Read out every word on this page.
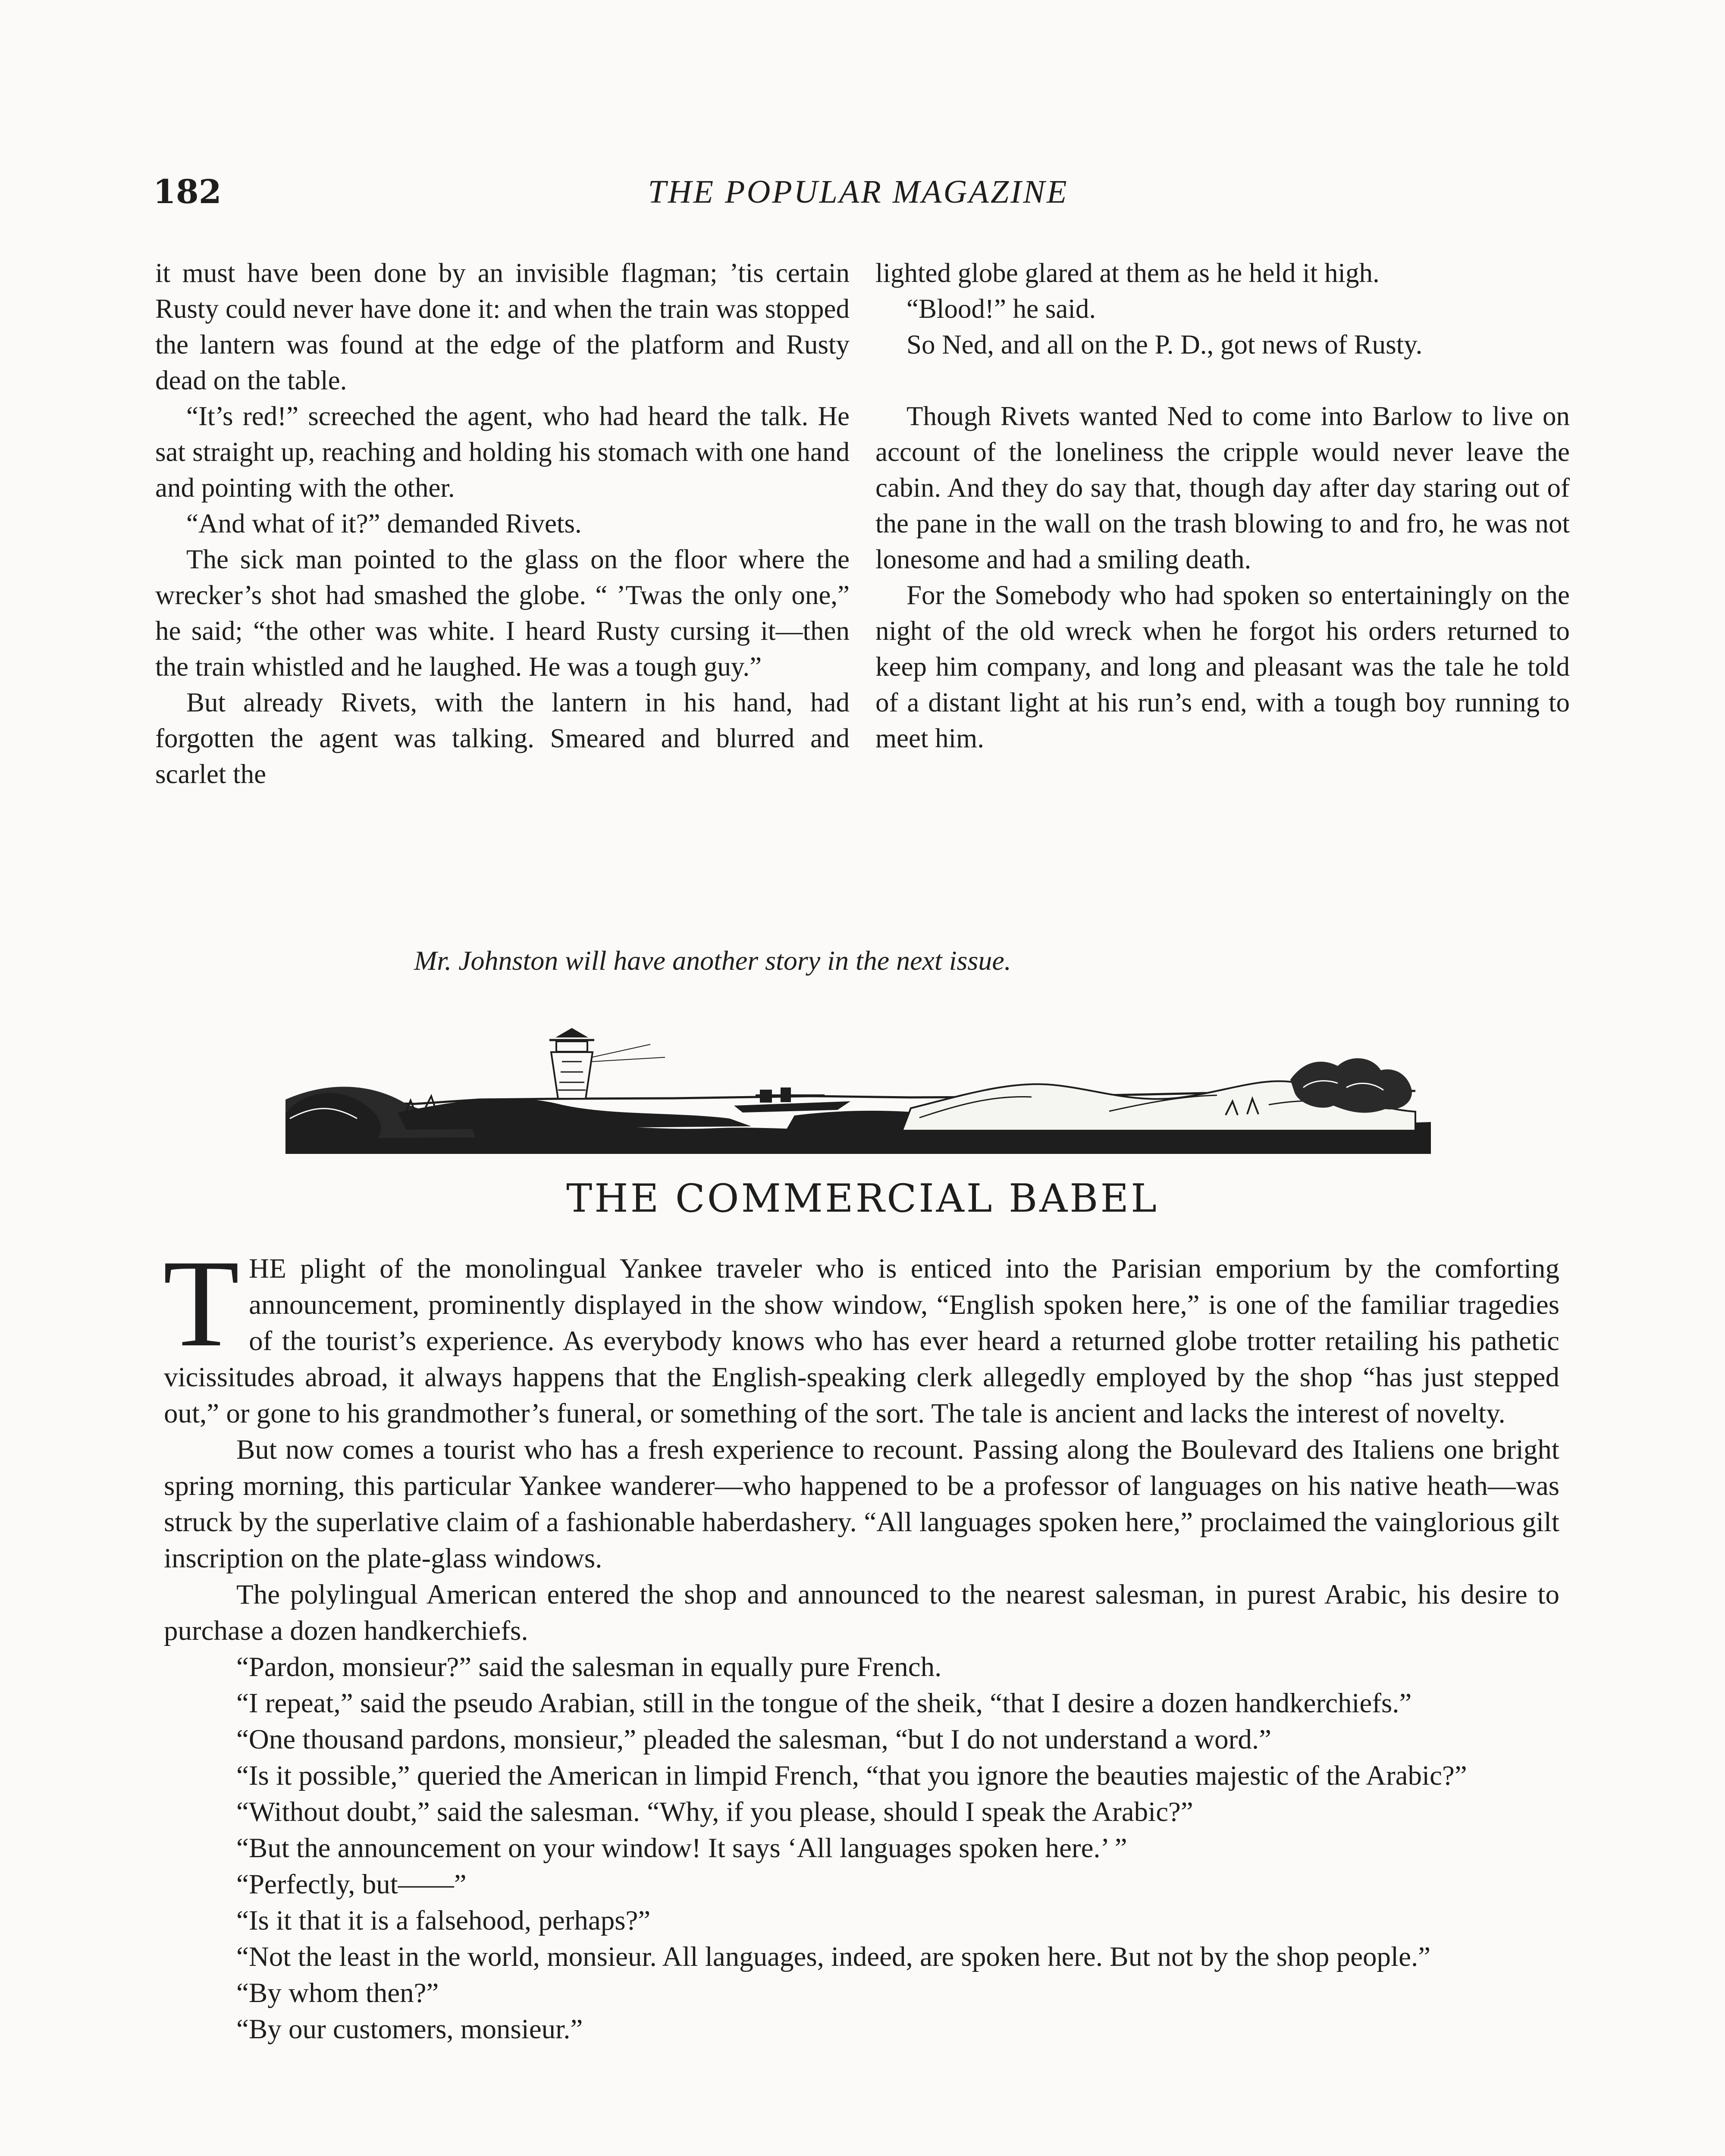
182	THE POPULAR MAGAZINE

it must have been done by an invisible flagman; ’tis certain Rusty could never have done it: and when the train was stopped the lantern was found at the edge of the platform and Rusty dead on the table.

“It’s red!” screeched the agent, who had heard the talk. He sat straight up, reaching and holding his stomach with one hand and pointing with the other.

“And what of it?” demanded Rivets.

The sick man pointed to the glass on the floor where the wrecker’s shot had smashed the globe. “ ’Twas the only one,” he said; “the other was white. I heard Rusty cursing it—then the train whistled and he laughed. He was a tough guy.”

But already Rivets, with the lantern in his hand, had forgotten the agent was talking. Smeared and blurred and scarlet the

lighted globe glared at them as he held it high.

“Blood!” he said.

So Ned, and all on the P. D., got news of Rusty.

Though Rivets wanted Ned to come into Barlow to live on account of the loneliness the cripple would never leave the cabin. And they do say that, though day after day staring out of the pane in the wall on the trash blowing to and fro, he was not lonesome and had a smiling death.

For the Somebody who had spoken so entertainingly on the night of the old wreck when he forgot his orders returned to keep him company, and long and pleasant was the tale he told of a distant light at his run’s end, with a tough boy running to meet him.

Mr. Johnston will have another story in the next issue.
THE COMMERCIAL BABEL

THE plight of the monolingual Yankee traveler who is enticed into the Parisian emporium by the comforting announcement, prominently displayed in the show window, “English spoken here,” is one of the familiar tragedies of the tourist’s experience. As everybody knows who has ever heard a returned globe trotter retailing his pathetic vicissitudes abroad, it always happens that the English-speaking clerk allegedly employed by the shop “has just stepped out,” or gone to his grandmother’s funeral, or something of the sort. The tale is ancient and lacks the interest of novelty.

But now comes a tourist who has a fresh experience to recount. Passing along the Boulevard des Italiens one bright spring morning, this particular Yankee wanderer—who happened to be a professor of languages on his native heath—was struck by the superlative claim of a fashionable haberdashery. “All languages spoken here,” proclaimed the vainglorious gilt inscription on the plate-glass windows.

The polylingual American entered the shop and announced to the nearest salesman, in purest Arabic, his desire to purchase a dozen handkerchiefs.

“Pardon, monsieur?” said the salesman in equally pure French.

“I repeat,” said the pseudo Arabian, still in the tongue of the sheik, “that I desire a dozen handkerchiefs.”

“One thousand pardons, monsieur,” pleaded the salesman, “but I do not understand a word.”

“Is it possible,” queried the American in limpid French, “that you ignore the beauties majestic of the Arabic?”

“Without doubt,” said the salesman. “Why, if you please, should I speak the Arabic?”

“But the announcement on your window! It says ‘All languages spoken here.’ ”

“Perfectly, but——”

“Is it that it is a falsehood, perhaps?”

“Not the least in the world, monsieur. All languages, indeed, are spoken here. But not by the shop people.”

“By whom then?”

“By our customers, monsieur.”
